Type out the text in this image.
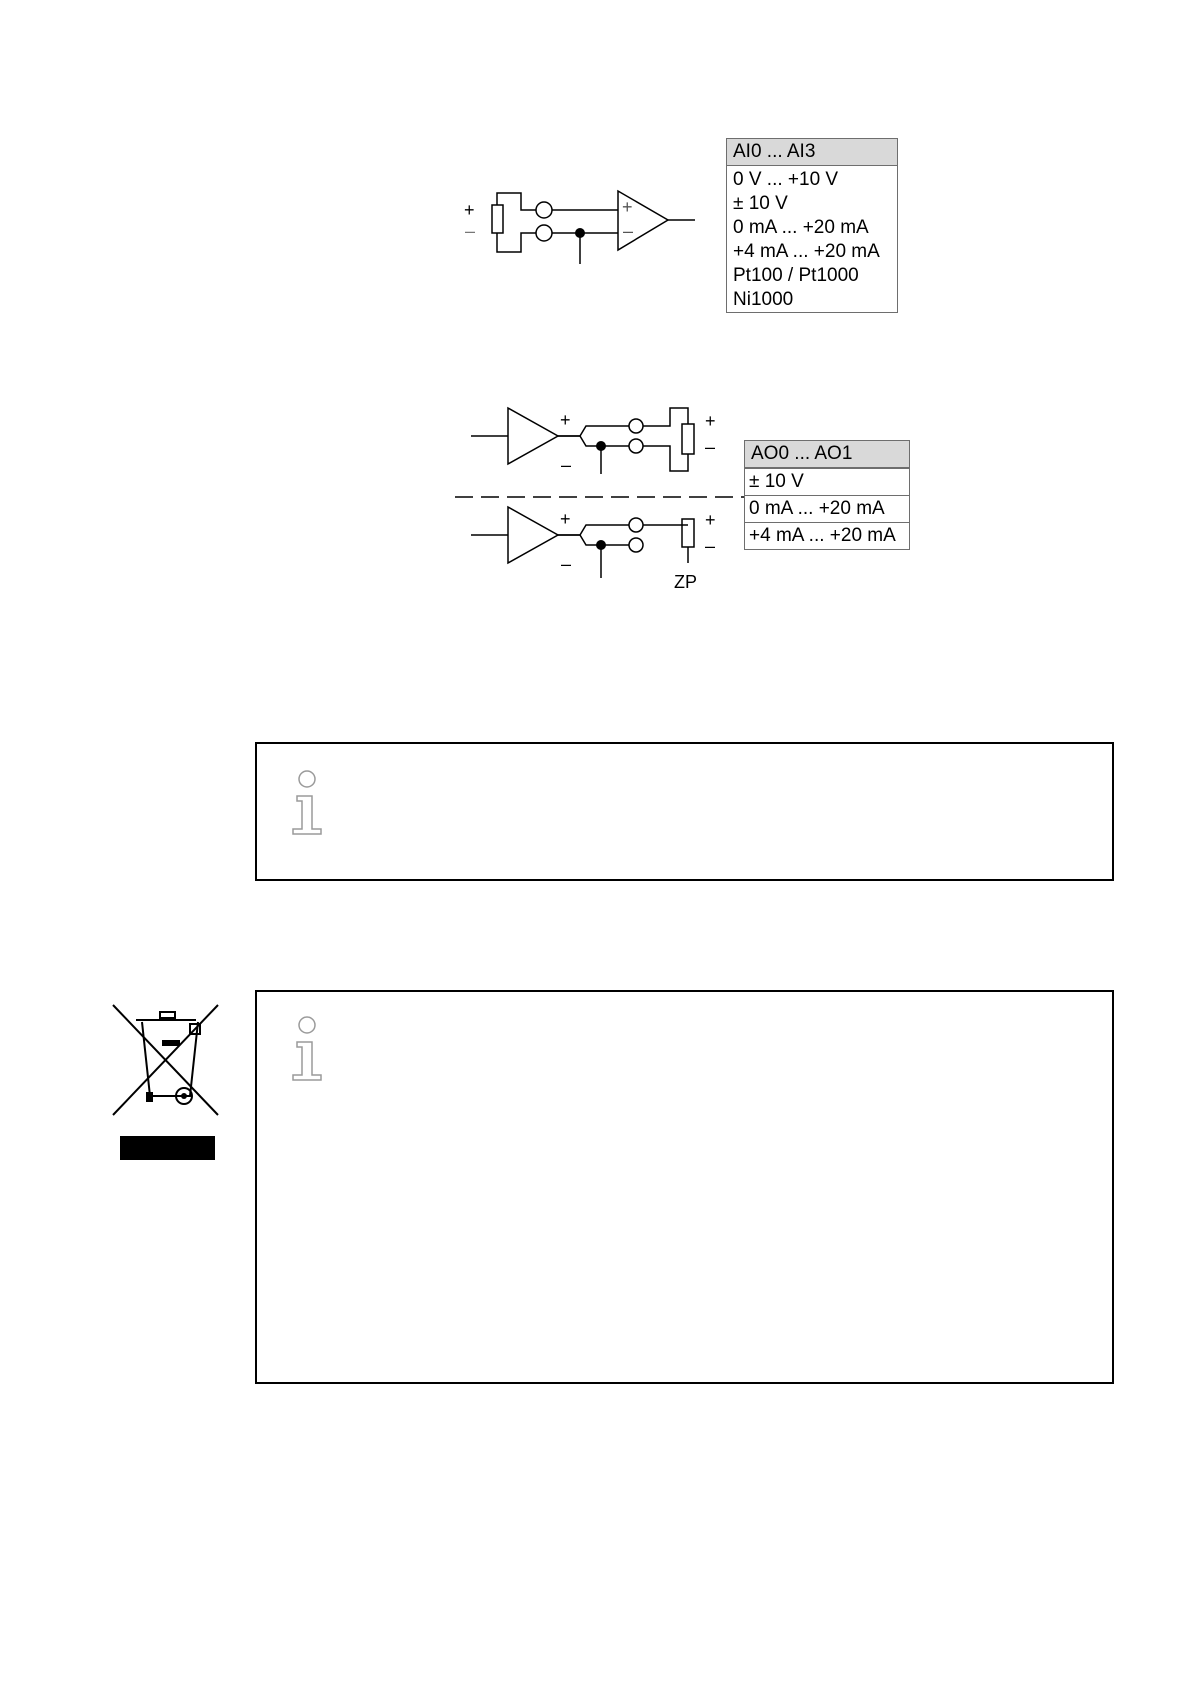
+
–
+
–
AI0 ... AI3
0 V ... +10 V
± 10 V
0 mA ... +20 mA
+4 mA ... +20 mA
Pt100 / Pt1000
Ni1000
+
–
+
–
+
–
+
–
ZP
AO0 ... AO1
± 10 V
0 mA ... +20 mA
+4 mA ... +20 mA
